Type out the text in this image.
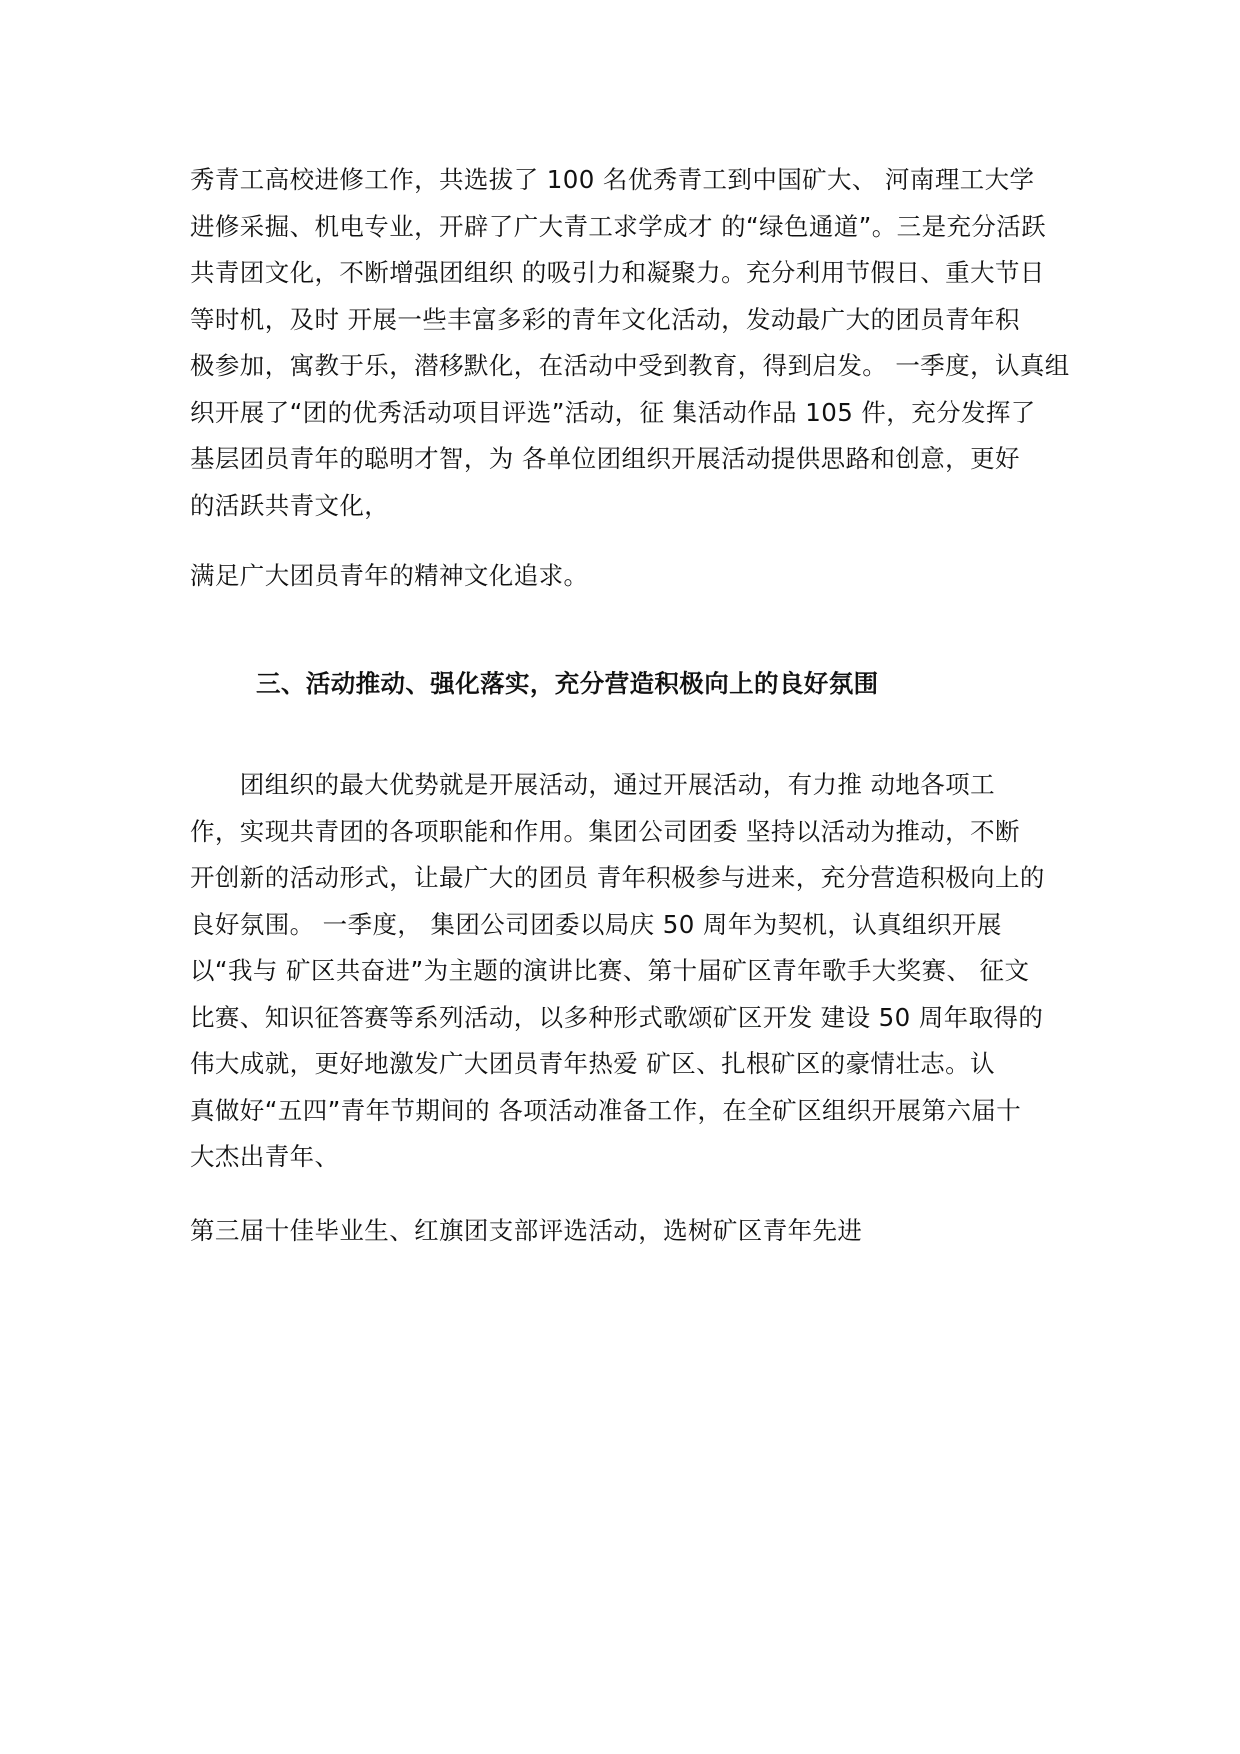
秀青工高校进修工作，共选拔了 100 名优秀青工到中国矿大、 河南理工大学
进修采掘、机电专业，开辟了广大青工求学成才 的“绿色通道”。三是充分活跃
共青团文化，不断增强团组织 的吸引力和凝聚力。充分利用节假日、重大节日
等时机，及时 开展一些丰富多彩的青年文化活动，发动最广大的团员青年积
极参加，寓教于乐，潜移默化，在活动中受到教育，得到启发。 一季度，认真组
织开展了“团的优秀活动项目评选”活动，征 集活动作品 105 件，充分发挥了
基层团员青年的聪明才智，为 各单位团组织开展活动提供思路和创意，更好
的活跃共青文化，
满足广大团员青年的精神文化追求。
三、活动推动、强化落实，充分营造积极向上的良好氛围
　　团组织的最大优势就是开展活动，通过开展活动，有力推 动地各项工
作，实现共青团的各项职能和作用。集团公司团委 坚持以活动为推动，不断
开创新的活动形式，让最广大的团员 青年积极参与进来，充分营造积极向上的
良好氛围。 一季度， 集团公司团委以局庆 50 周年为契机，认真组织开展
以“我与 矿区共奋进”为主题的演讲比赛、第十届矿区青年歌手大奖赛、 征文
比赛、知识征答赛等系列活动，以多种形式歌颂矿区开发 建设 50 周年取得的
伟大成就，更好地激发广大团员青年热爱 矿区、扎根矿区的豪情壮志。认
真做好“五四”青年节期间的 各项活动准备工作，在全矿区组织开展第六届十
大杰出青年、
第三届十佳毕业生、红旗团支部评选活动，选树矿区青年先进
